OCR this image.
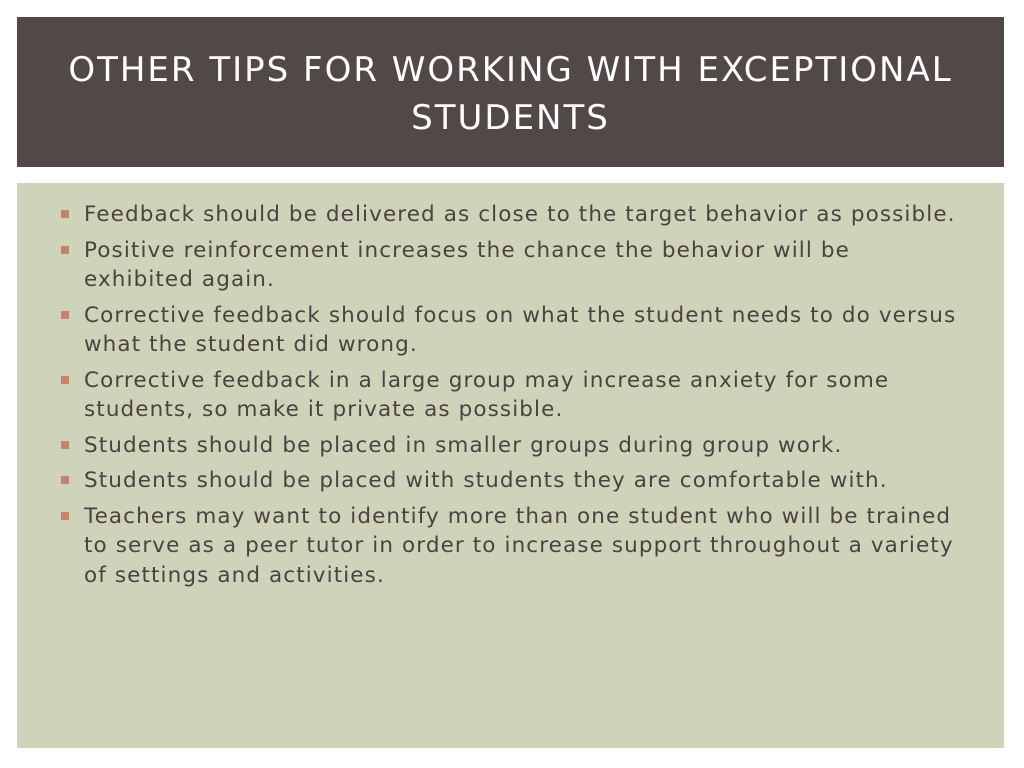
OTHER TIPS FOR WORKING WITH EXCEPTIONAL STUDENTS
Feedback should be delivered as close to the target behavior as possible.
Positive reinforcement increases the chance the behavior will be exhibited again.
Corrective feedback should focus on what the student needs to do versus what the student did wrong.
Corrective feedback in a large group may increase anxiety for some students, so make it private as possible.
Students should be placed in smaller groups during group work.
Students should be placed with students they are comfortable with.
Teachers may want to identify more than one student who will be trained to serve as a peer tutor in order to increase support throughout a variety of settings and activities.
